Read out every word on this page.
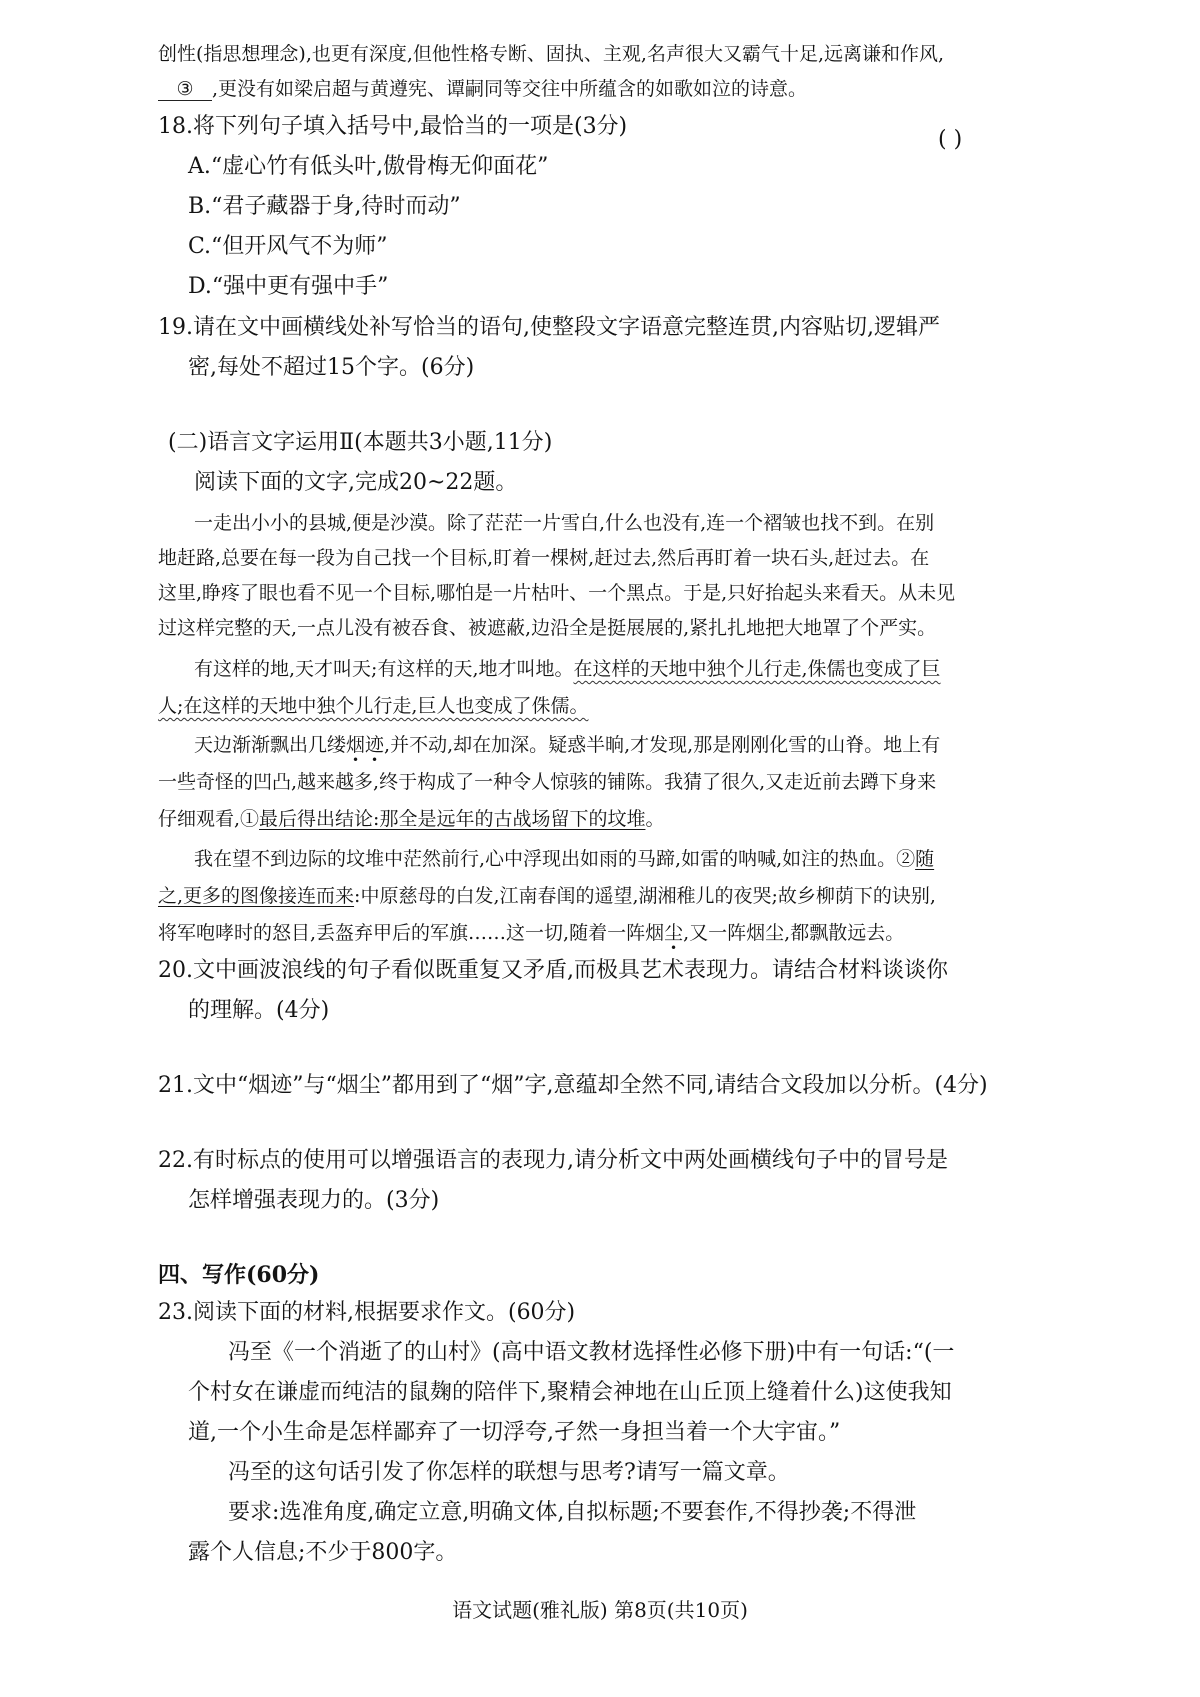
创性(指思想理念),也更有深度,但他性格专断、固执、主观,名声很大又霸气十足,远离谦和作风,
③ ,更没有如梁启超与黄遵宪、谭嗣同等交往中所蕴含的如歌如泣的诗意。
18.将下列句子填入括号中,最恰当的一项是(3分)
( )
A.“虚心竹有低头叶,傲骨梅无仰面花”
B.“君子藏器于身,待时而动”
C.“但开风气不为师”
D.“强中更有强中手”
19.请在文中画横线处补写恰当的语句,使整段文字语意完整连贯,内容贴切,逻辑严
密,每处不超过15个字。(6分)
(二)语言文字运用Ⅱ(本题共3小题,11分)
阅读下面的文字,完成20~22题。
一走出小小的县城,便是沙漠。除了茫茫一片雪白,什么也没有,连一个褶皱也找不到。在别
地赶路,总要在每一段为自己找一个目标,盯着一棵树,赶过去,然后再盯着一块石头,赶过去。在
这里,睁疼了眼也看不见一个目标,哪怕是一片枯叶、一个黑点。于是,只好抬起头来看天。从未见
过这样完整的天,一点儿没有被吞食、被遮蔽,边沿全是挺展展的,紧扎扎地把大地罩了个严实。
有这样的地,天才叫天;有这样的天,地才叫地。在这样的天地中独个儿行走,侏儒也变成了巨
人;在这样的天地中独个儿行走,巨人也变成了侏儒。
天边渐渐飘出几缕烟迹,并不动,却在加深。疑惑半晌,才发现,那是刚刚化雪的山脊。地上有
一些奇怪的凹凸,越来越多,终于构成了一种令人惊骇的铺陈。我猜了很久,又走近前去蹲下身来
仔细观看,①最后得出结论:那全是远年的古战场留下的坟堆。
我在望不到边际的坟堆中茫然前行,心中浮现出如雨的马蹄,如雷的呐喊,如注的热血。②随
之,更多的图像接连而来:中原慈母的白发,江南春闺的遥望,湖湘稚儿的夜哭;故乡柳荫下的诀别,
将军咆哮时的怒目,丢盔弃甲后的军旗……这一切,随着一阵烟尘,又一阵烟尘,都飘散远去。
20.文中画波浪线的句子看似既重复又矛盾,而极具艺术表现力。请结合材料谈谈你
的理解。(4分)
21.文中“烟迹”与“烟尘”都用到了“烟”字,意蕴却全然不同,请结合文段加以分析。(4分)
22.有时标点的使用可以增强语言的表现力,请分析文中两处画横线句子中的冒号是
怎样增强表现力的。(3分)
四、写作(60分)
23.阅读下面的材料,根据要求作文。(60分)
冯至《一个消逝了的山村》(高中语文教材选择性必修下册)中有一句话:“(一
个村女在谦虚而纯洁的鼠麹的陪伴下,聚精会神地在山丘顶上缝着什么)这使我知
道,一个小生命是怎样鄙弃了一切浮夸,孑然一身担当着一个大宇宙。”
冯至的这句话引发了你怎样的联想与思考?请写一篇文章。
要求:选准角度,确定立意,明确文体,自拟标题;不要套作,不得抄袭;不得泄
露个人信息;不少于800字。
语文试题(雅礼版) 第8页(共10页)
